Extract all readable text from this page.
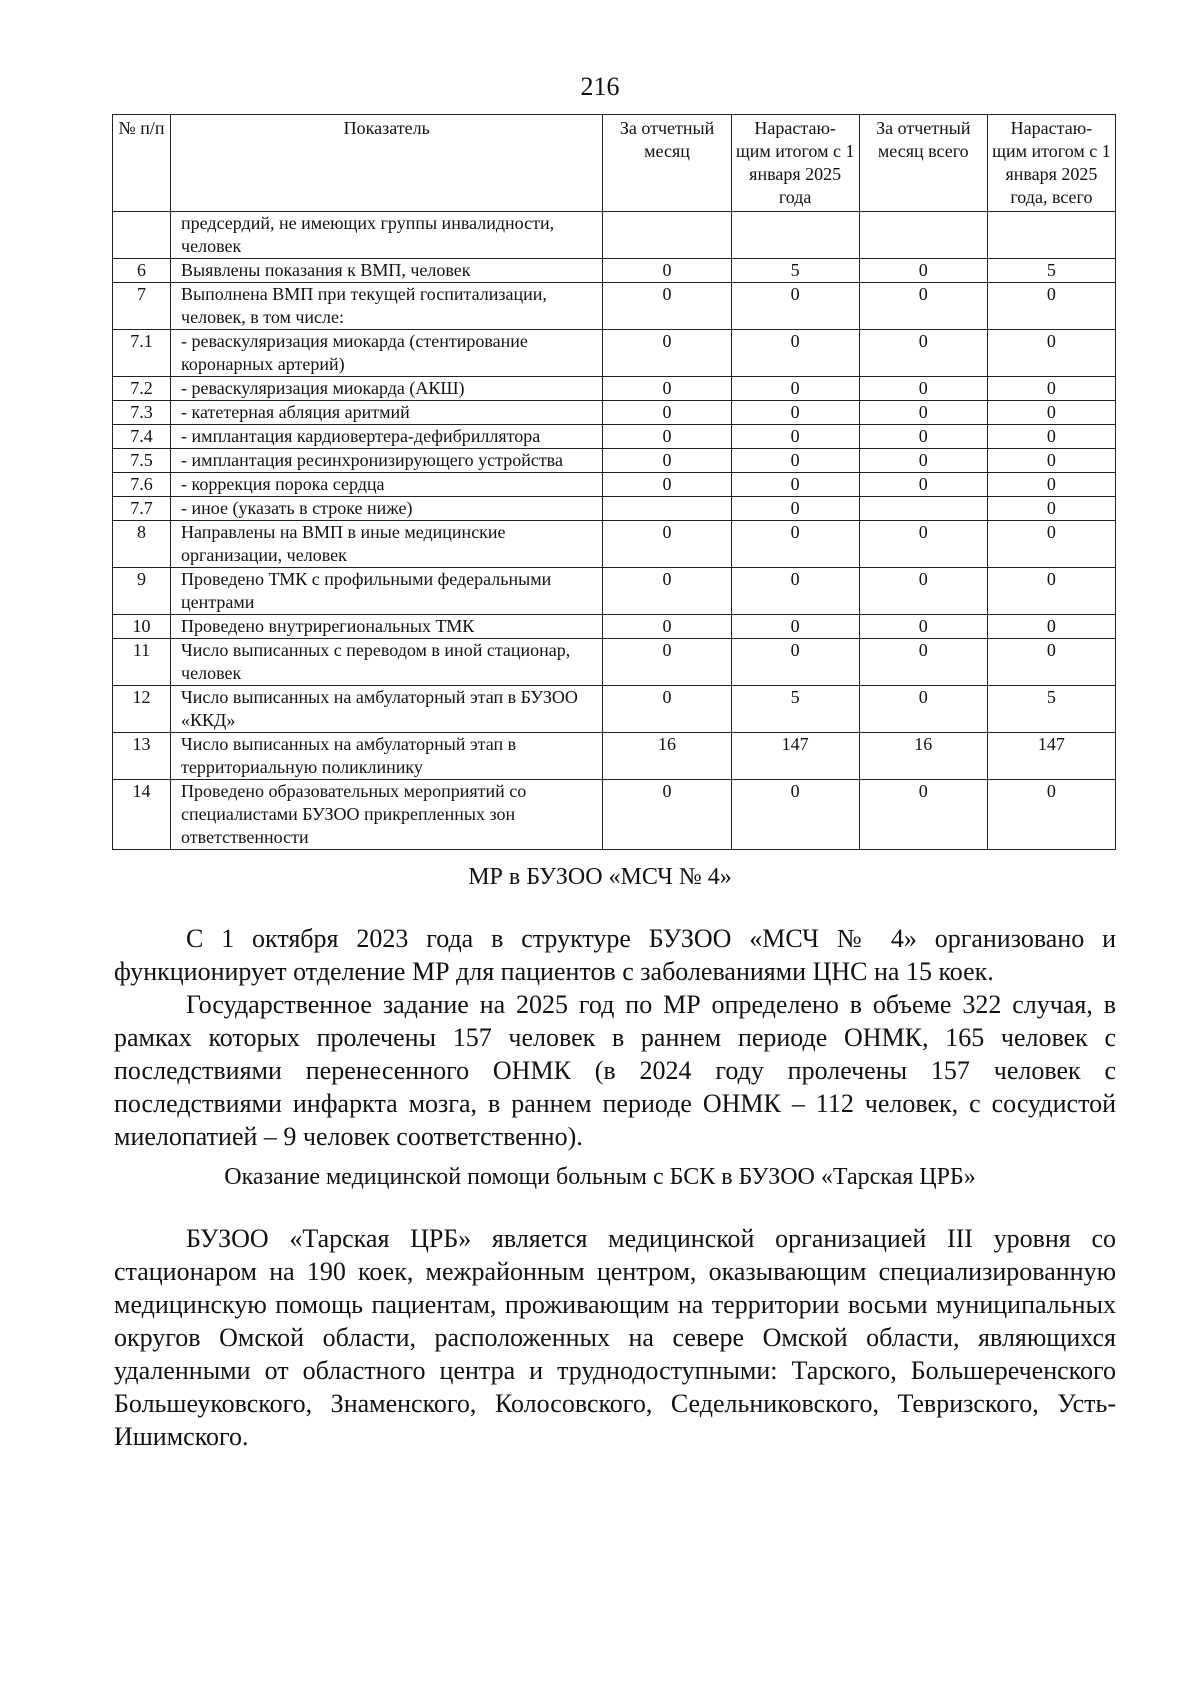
216
№ п/п	Показатель	За отчетный месяц	Нарастаю- щим итогом с 1 января 2025 года	За отчетный месяц всего	Нарастаю- щим итогом с 1 января 2025 года, всего
	предсердий, не имеющих группы инвалидности, человек				
6	Выявлены показания к ВМП, человек	0	5	0	5
7	Выполнена ВМП при текущей госпитализации, человек, в том числе:	0	0	0	0
7.1	- реваскуляризация миокарда (стентирование коронарных артерий)	0	0	0	0
7.2	- реваскуляризация миокарда (АКШ)	0	0	0	0
7.3	- катетерная абляция аритмий	0	0	0	0
7.4	- имплантация кардиовертера-дефибриллятора	0	0	0	0
7.5	- имплантация ресинхронизирующего устройства	0	0	0	0
7.6	- коррекция порока сердца	0	0	0	0
7.7	- иное (указать в строке ниже)		0		0
8	Направлены на ВМП в иные медицинские организации, человек	0	0	0	0
9	Проведено ТМК с профильными федеральными центрами	0	0	0	0
10	Проведено внутрирегиональных ТМК	0	0	0	0
11	Число выписанных с переводом в иной стационар, человек	0	0	0	0
12	Число выписанных на амбулаторный этап в БУЗОО «ККД»	0	5	0	5
13	Число выписанных на амбулаторный этап в территориальную поликлинику	16	147	16	147
14	Проведено образовательных мероприятий со специалистами БУЗОО прикрепленных зон ответственности	0	0	0	0
МР в БУЗОО «МСЧ № 4»
С 1 октября 2023 года в структуре БУЗОО «МСЧ № 4» организовано и функционирует отделение МР для пациентов с заболеваниями ЦНС на 15 коек.
Государственное задание на 2025 год по МР определено в объеме 322 случая, в рамках которых пролечены 157 человек в раннем периоде ОНМК, 165 человек с последствиями перенесенного ОНМК (в 2024 году пролечены 157 человек с последствиями инфаркта мозга, в раннем периоде ОНМК – 112 человек, с сосудистой миелопатией – 9 человек соответственно).
Оказание медицинской помощи больным с БСК в БУЗОО «Тарская ЦРБ»
БУЗОО «Тарская ЦРБ» является медицинской организацией III уровня со стационаром на 190 коек, межрайонным центром, оказывающим специализированную медицинскую помощь пациентам, проживающим на территории восьми муниципальных округов Омской области, расположенных на севере Омской области, являющихся удаленными от областного центра и труднодоступными: Тарского, Большереченского Большеуковского, Знаменского, Колосовского, Седельниковского, Тевризского, Усть-Ишимского.
